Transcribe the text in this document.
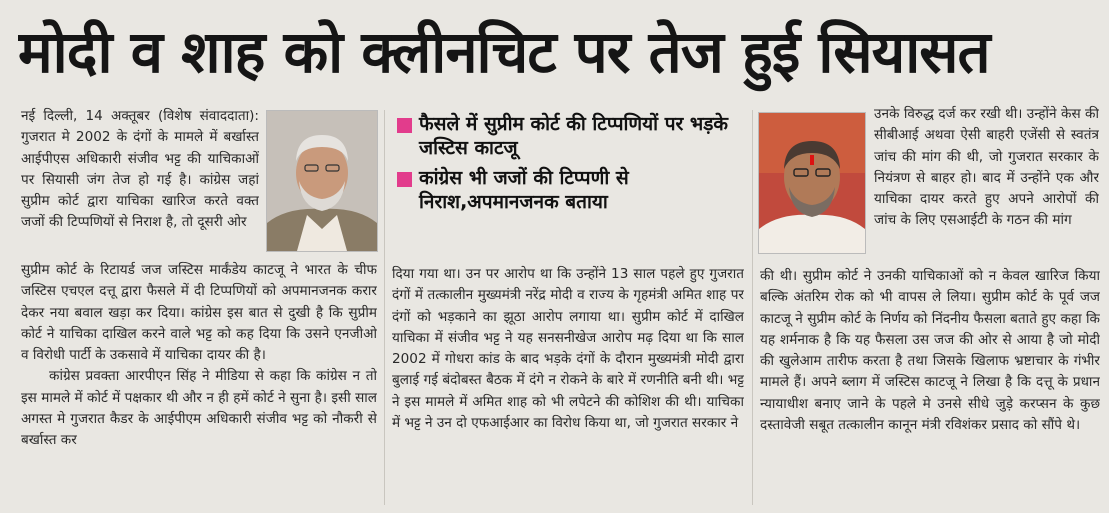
मोदी व शाह को क्लीनचिट पर तेज हुई सियासत

नई दिल्ली, 14 अक्तूबर (विशेष संवाददाता): गुजरात मे 2002 के दंगों के मामले में बर्खास्त आईपीएस अधिकारी संजीव भट्ट की याचिकाओं पर सियासी जंग तेज हो गई है। कांग्रेस जहां सुप्रीम कोर्ट द्वारा याचिका खारिज करते वक्त जजों की टिप्पणियों से निराश है, तो दूसरी ओर

सुप्रीम कोर्ट के रिटायर्ड जज जस्टिस मार्कंडेय काटजू ने भारत के चीफ जस्टिस एचएल दत्तू द्वारा फैसले में दी टिप्पणियों को अपमानजनक करार देकर नया बवाल खड़ा कर दिया। कांग्रेस इस बात से दुखी है कि सुप्रीम कोर्ट ने याचिका दाखिल करने वाले भट्ट को कह दिया कि उसने एनजीओ व विरोधी पार्टी के उकसावे में याचिका दायर की है।

कांग्रेस प्रवक्ता आरपीएन सिंह ने मीडिया से कहा कि कांग्रेस न तो इस मामले में कोर्ट में पक्षकार थी और न ही हमें कोर्ट ने सुना है। इसी साल अगस्त मे गुजरात कैडर के आईपीएम अधिकारी संजीव भट्ट को नौकरी से बर्खास्त कर

फैसले में सुप्रीम कोर्ट की टिप्पणियों पर भड़के जस्टिस काटजू
कांग्रेस भी जजों की टिप्पणी से निराश,अपमानजनक बताया

दिया गया था। उन पर आरोप था कि उन्होंने 13 साल पहले हुए गुजरात दंगों में तत्कालीन मुख्यमंत्री नरेंद्र मोदी व राज्य के गृहमंत्री अमित शाह पर दंगों को भड़काने का झूठा आरोप लगाया था। सुप्रीम कोर्ट में दाखिल याचिका में संजीव भट्ट ने यह सनसनीखेज आरोप मढ़ दिया था कि साल 2002 में गोधरा कांड के बाद भड़के दंगों के दौरान मुख्यमंत्री मोदी द्वारा बुलाई गई बंदोबस्त बैठक में दंगे न रोकने के बारे में रणनीति बनी थी। भट्ट ने इस मामले में अमित शाह को भी लपेटने की कोशिश की थी। याचिका में भट्ट ने उन दो एफआईआर का विरोध किया था, जो गुजरात सरकार ने

उनके विरुद्ध दर्ज कर रखी थी। उन्होंने केस की सीबीआई अथवा ऐसी बाहरी एजेंसी से स्वतंत्र जांच की मांग की थी, जो गुजरात सरकार के नियंत्रण से बाहर हो। बाद में उन्होंने एक और याचिका दायर करते हुए अपने आरोपों की जांच के लिए एसआईटी के गठन की मांग

की थी। सुप्रीम कोर्ट ने उनकी याचिकाओं को न केवल खारिज किया बल्कि अंतरिम रोक को भी वापस ले लिया। सुप्रीम कोर्ट के पूर्व जज काटजू ने सुप्रीम कोर्ट के निर्णय को निंदनीय फैसला बताते हुए कहा कि यह शर्मनाक है कि यह फैसला उस जज की ओर से आया है जो मोदी की खुलेआम तारीफ करता है तथा जिसके खिलाफ भ्रष्टाचार के गंभीर मामले हैं। अपने ब्लाग में जस्टिस काटजू ने लिखा है कि दत्तू के प्रधान न्यायाधीश बनाए जाने के पहले मे उनसे सीधे जुड़े करप्सन के कुछ दस्तावेजी सबूत तत्कालीन कानून मंत्री रविशंकर प्रसाद को सौंपे थे।
